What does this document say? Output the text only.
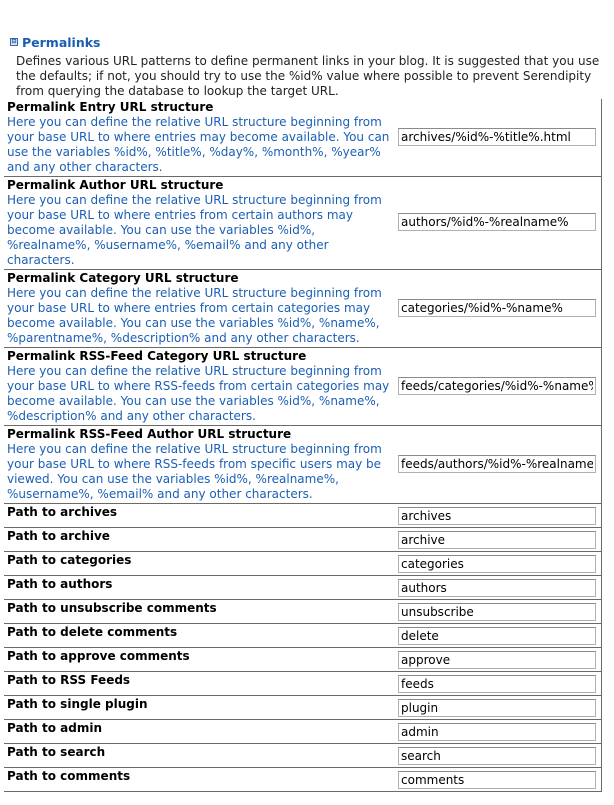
⊟ Permalinks
Defines various URL patterns to define permanent links in your blog. It is suggested that you use the defaults; if not, you should try to use the %id% value where possible to prevent Serendipity from querying the database to lookup the target URL.
Permalink Entry URL structure
Here you can define the relative URL structure beginning from your base URL to where entries may become available. You can use the variables %id%, %title%, %day%, %month%, %year% and any other characters.
archives/%id%-%title%.html
Permalink Author URL structure
Here you can define the relative URL structure beginning from your base URL to where entries from certain authors may become available. You can use the variables %id%, %realname%, %username%, %email% and any other characters.
authors/%id%-%realname%
Permalink Category URL structure
Here you can define the relative URL structure beginning from your base URL to where entries from certain categories may become available. You can use the variables %id%, %name%, %parentname%, %description% and any other characters.
categories/%id%-%name%
Permalink RSS-Feed Category URL structure
Here you can define the relative URL structure beginning from your base URL to where RSS-feeds from certain categories may become available. You can use the variables %id%, %name%, %description% and any other characters.
feeds/categories/%id%-%name%.rss
Permalink RSS-Feed Author URL structure
Here you can define the relative URL structure beginning from your base URL to where RSS-feeds from specific users may be viewed. You can use the variables %id%, %realname%, %username%, %email% and any other characters.
feeds/authors/%id%-%realname%.rss
Path to archives
archives
Path to archive
archive
Path to categories
categories
Path to authors
authors
Path to unsubscribe comments
unsubscribe
Path to delete comments
delete
Path to approve comments
approve
Path to RSS Feeds
feeds
Path to single plugin
plugin
Path to admin
admin
Path to search
search
Path to comments
comments
